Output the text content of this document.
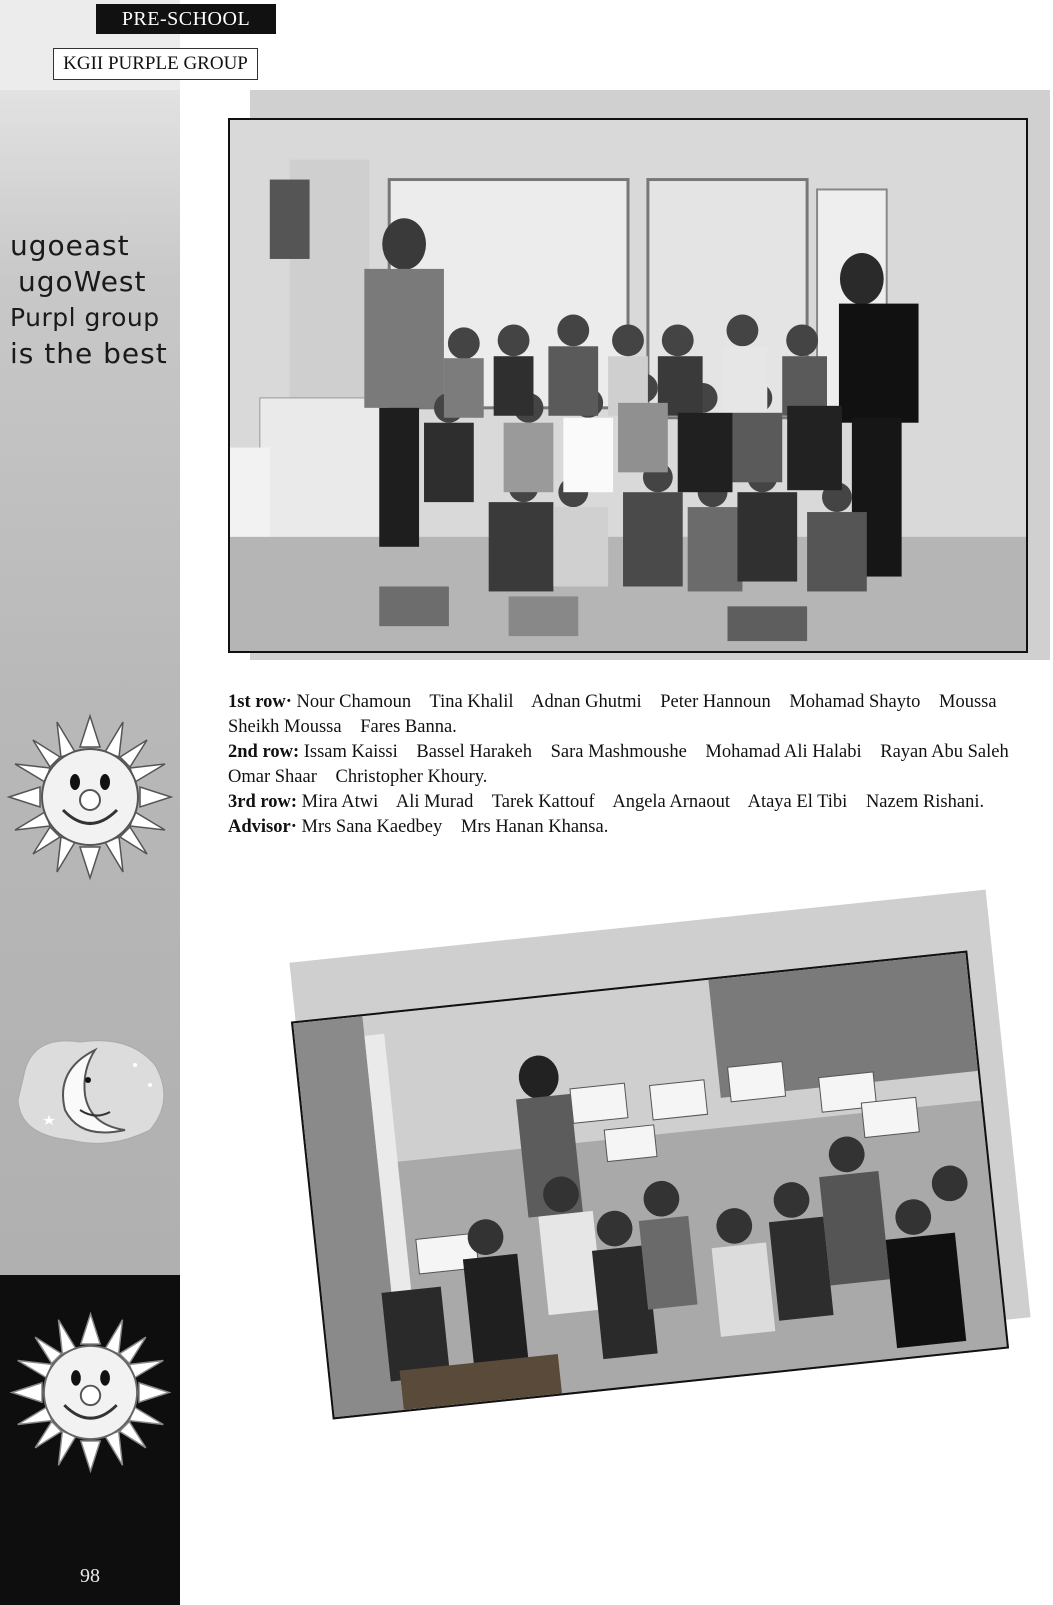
PRE-SCHOOL
KGII PURPLE GROUP
ugoeast
ugoWest
Purpl group
is the best

1st row· Nour Chamoun Tina Khalil Adnan Ghutmi Peter Hannoun Mohamad Shayto Moussa Sheikh Moussa Fares Banna.

2nd row: Issam Kaissi Bassel Harakeh Sara Mashmoushe Mohamad Ali Halabi Rayan Abu Saleh Omar Shaar Christopher Khoury.

3rd row: Mira Atwi Ali Murad Tarek Kattouf Angela Arnaout Ataya El Tibi Nazem Rishani.

Advisor· Mrs Sana Kaedbey Mrs Hanan Khansa.

98
